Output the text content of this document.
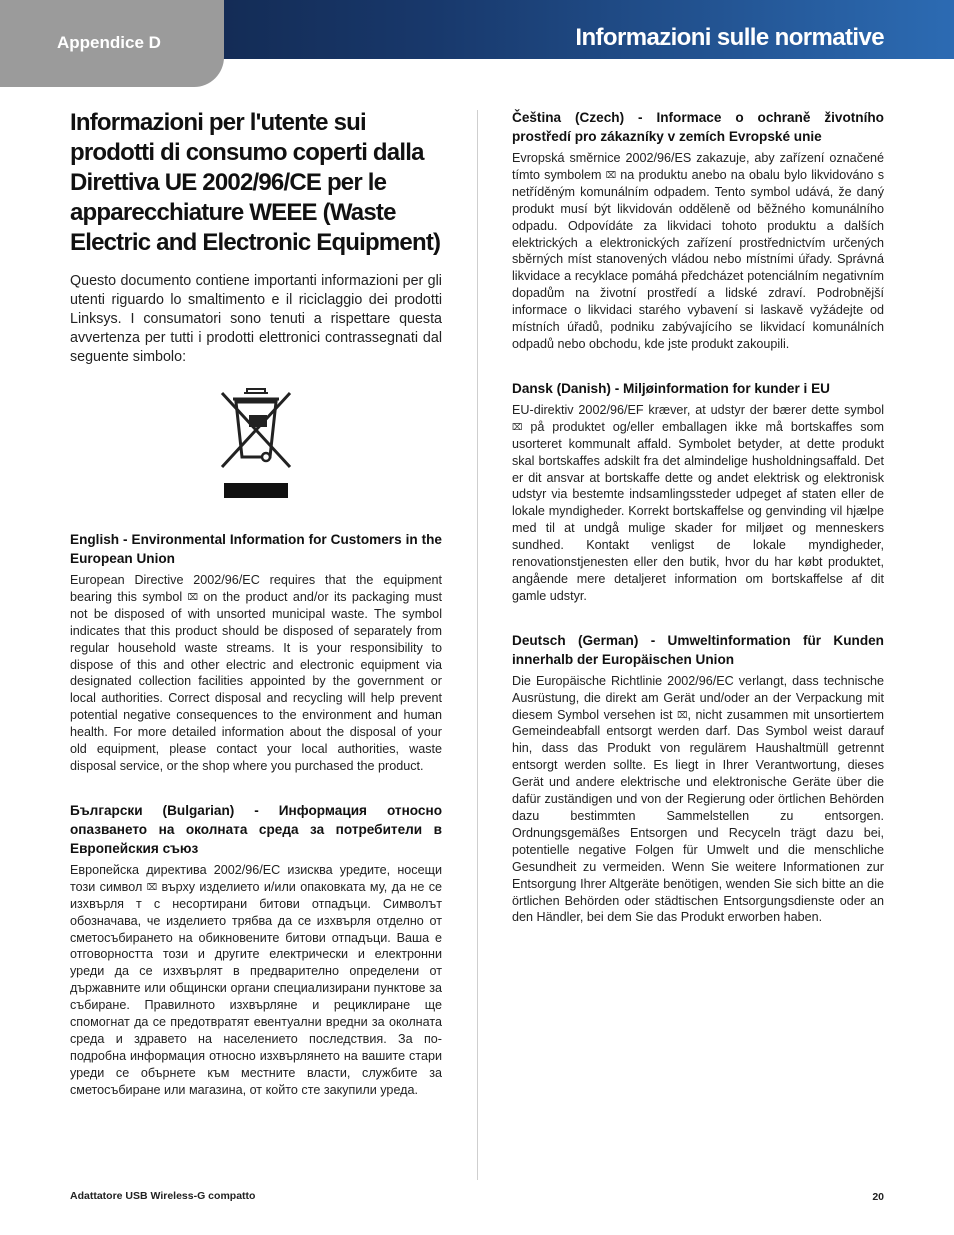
Appendice D	Informazioni sulle normative
Informazioni per l'utente sui prodotti di consumo coperti dalla Direttiva UE 2002/96/CE per le apparecchiature WEEE (Waste Electric and Electronic Equipment)

Questo documento contiene importanti informazioni per gli utenti riguardo lo smaltimento e il riciclaggio dei prodotti Linksys. I consumatori sono tenuti a rispettare questa avvertenza per tutti i prodotti elettronici contrassegnati dal seguente simbolo:

English - Environmental Information for Customers in the European Union

European Directive 2002/96/EC requires that the equipment bearing this symbol ⌧ on the product and/or its packaging must not be disposed of with unsorted municipal waste. The symbol indicates that this product should be disposed of separately from regular household waste streams. It is your responsibility to dispose of this and other electric and electronic equipment via designated collection facilities appointed by the government or local authorities. Correct disposal and recycling will help prevent potential negative consequences to the environment and human health. For more detailed information about the disposal of your old equipment, please contact your local authorities, waste disposal service, or the shop where you purchased the product.

Български (Bulgarian) - Информация относно опазването на околната среда за потребители в Европейския съюз

Европейска директива 2002/96/EC изисква уредите, носещи този символ ⌧ върху изделието и/или опаковката му, да не се изхвърля т с несортирани битови отпадъци. Символът обозначава, че изделието трябва да се изхвърля отделно от сметосъбирането на обикновените битови отпадъци. Ваша е отговорността този и другите електрически и електронни уреди да се изхвърлят в предварително определени от държавните или общински органи специализирани пунктове за събиране. Правилното изхвърляне и рециклиране ще спомогнат да се предотвратят евентуални вредни за околната среда и здравето на населението последствия. За по-подробна информация относно изхвърлянето на вашите стари уреди се обърнете към местните власти, службите за сметосъбиране или магазина, от който сте закупили уреда.

Čeština (Czech) - Informace o ochraně životního prostředí pro zákazníky v zemích Evropské unie

Evropská směrnice 2002/96/ES zakazuje, aby zařízení označené tímto symbolem ⌧ na produktu anebo na obalu bylo likvidováno s netříděným komunálním odpadem. Tento symbol udává, že daný produkt musí být likvidován odděleně od běžného komunálního odpadu. Odpovídáte za likvidaci tohoto produktu a dalších elektrických a elektronických zařízení prostřednictvím určených sběrných míst stanovených vládou nebo místními úřady. Správná likvidace a recyklace pomáhá předcházet potenciálním negativním dopadům na životní prostředí a lidské zdraví. Podrobnější informace o likvidaci starého vybavení si laskavě vyžádejte od místních úřadů, podniku zabývajícího se likvidací komunálních odpadů nebo obchodu, kde jste produkt zakoupili.

Dansk (Danish) - Miljøinformation for kunder i EU

EU-direktiv 2002/96/EF kræver, at udstyr der bærer dette symbol ⌧ på produktet og/eller emballagen ikke må bortskaffes som usorteret kommunalt affald. Symbolet betyder, at dette produkt skal bortskaffes adskilt fra det almindelige husholdningsaffald. Det er dit ansvar at bortskaffe dette og andet elektrisk og elektronisk udstyr via bestemte indsamlingssteder udpeget af staten eller de lokale myndigheder. Korrekt bortskaffelse og genvinding vil hjælpe med til at undgå mulige skader for miljøet og menneskers sundhed. Kontakt venligst de lokale myndigheder, renovationstjenesten eller den butik, hvor du har købt produktet, angående mere detaljeret information om bortskaffelse af dit gamle udstyr.

Deutsch (German) - Umweltinformation für Kunden innerhalb der Europäischen Union

Die Europäische Richtlinie 2002/96/EC verlangt, dass technische Ausrüstung, die direkt am Gerät und/oder an der Verpackung mit diesem Symbol versehen ist ⌧, nicht zusammen mit unsortiertem Gemeindeabfall entsorgt werden darf. Das Symbol weist darauf hin, dass das Produkt von regulärem Haushaltmüll getrennt entsorgt werden sollte. Es liegt in Ihrer Verantwortung, dieses Gerät und andere elektrische und elektronische Geräte über die dafür zuständigen und von der Regierung oder örtlichen Behörden dazu bestimmten Sammelstellen zu entsorgen. Ordnungsgemäßes Entsorgen und Recyceln trägt dazu bei, potentielle negative Folgen für Umwelt und die menschliche Gesundheit zu vermeiden. Wenn Sie weitere Informationen zur Entsorgung Ihrer Altgeräte benötigen, wenden Sie sich bitte an die örtlichen Behörden oder städtischen Entsorgungsdienste oder an den Händler, bei dem Sie das Produkt erworben haben.

Adattatore USB Wireless-G compatto	20
